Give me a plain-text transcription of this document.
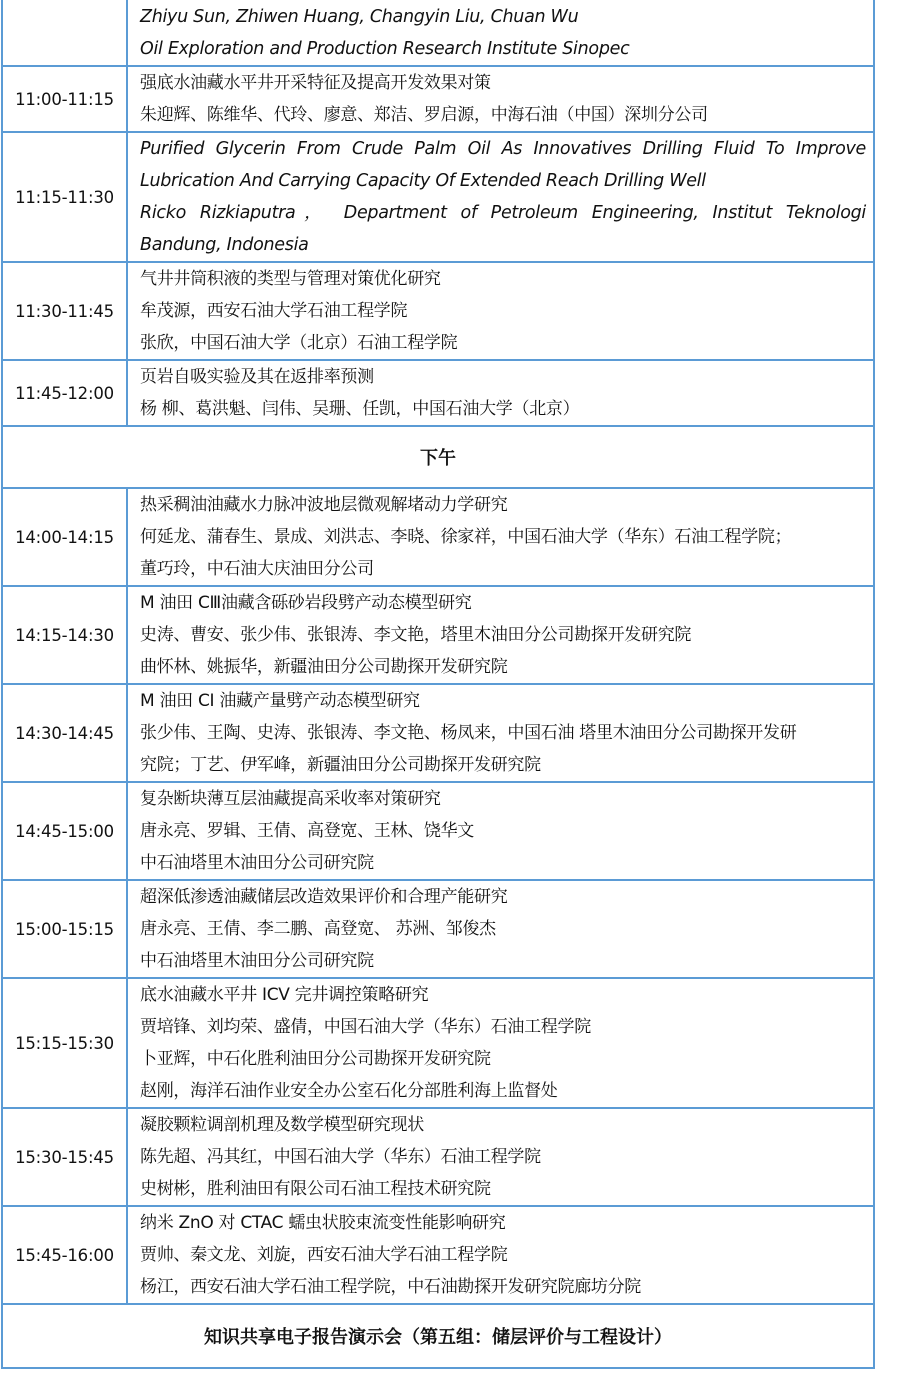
	Zhiyu Sun, Zhiwen Huang, Changyin Liu, Chuan Wu
Oil Exploration and Production Research Institute Sinopec

11:00-11:15	强底水油藏水平井开采特征及提高开发效果对策
朱迎辉、陈维华、代玲、廖意、郑洁、罗启源，中海石油（中国）深圳分公司

11:15-11:30	Purified Glycerin From Crude Palm Oil As Innovatives Drilling Fluid To Improve
Lubrication And Carrying Capacity Of Extended Reach Drilling Well
Ricko Rizkiaputra， Department of Petroleum Engineering, Institut Teknologi
Bandung, Indonesia

11:30-11:45	气井井筒积液的类型与管理对策优化研究
牟茂源，西安石油大学石油工程学院
张欣，中国石油大学（北京）石油工程学院

11:45-12:00	页岩自吸实验及其在返排率预测
杨 柳、葛洪魁、闫伟、吴珊、任凯，中国石油大学（北京）

下午	
14:00-14:15	热采稠油油藏水力脉冲波地层微观解堵动力学研究
何延龙、蒲春生、景成、刘洪志、李晓、徐家祥，中国石油大学（华东）石油工程学院；
董巧玲，中石油大庆油田分公司

14:15-14:30	M 油田 CⅢ油藏含砾砂岩段劈产动态模型研究
史涛、曹安、张少伟、张银涛、李文艳，塔里木油田分公司勘探开发研究院
曲怀林、姚振华，新疆油田分公司勘探开发研究院

14:30-14:45	M 油田 CI 油藏产量劈产动态模型研究
张少伟、王陶、史涛、张银涛、李文艳、杨凤来，中国石油 塔里木油田分公司勘探开发研
究院；丁艺、伊军峰，新疆油田分公司勘探开发研究院

14:45-15:00	复杂断块薄互层油藏提高采收率对策研究
唐永亮、罗辑、王倩、高登宽、王林、饶华文
中石油塔里木油田分公司研究院

15:00-15:15	超深低渗透油藏储层改造效果评价和合理产能研究
唐永亮、王倩、李二鹏、高登宽、 苏洲、邹俊杰
中石油塔里木油田分公司研究院

15:15-15:30	底水油藏水平井 ICV 完井调控策略研究
贾培锋、刘均荣、盛倩，中国石油大学（华东）石油工程学院
卜亚辉，中石化胜利油田分公司勘探开发研究院
赵刚，海洋石油作业安全办公室石化分部胜利海上监督处

15:30-15:45	凝胶颗粒调剖机理及数学模型研究现状
陈先超、冯其红，中国石油大学（华东）石油工程学院
史树彬，胜利油田有限公司石油工程技术研究院

15:45-16:00	纳米 ZnO 对 CTAC 蠕虫状胶束流变性能影响研究
贾帅、秦文龙、刘旋，西安石油大学石油工程学院
杨江，西安石油大学石油工程学院，中石油勘探开发研究院廊坊分院

知识共享电子报告演示会（第五组：储层评价与工程设计）	
